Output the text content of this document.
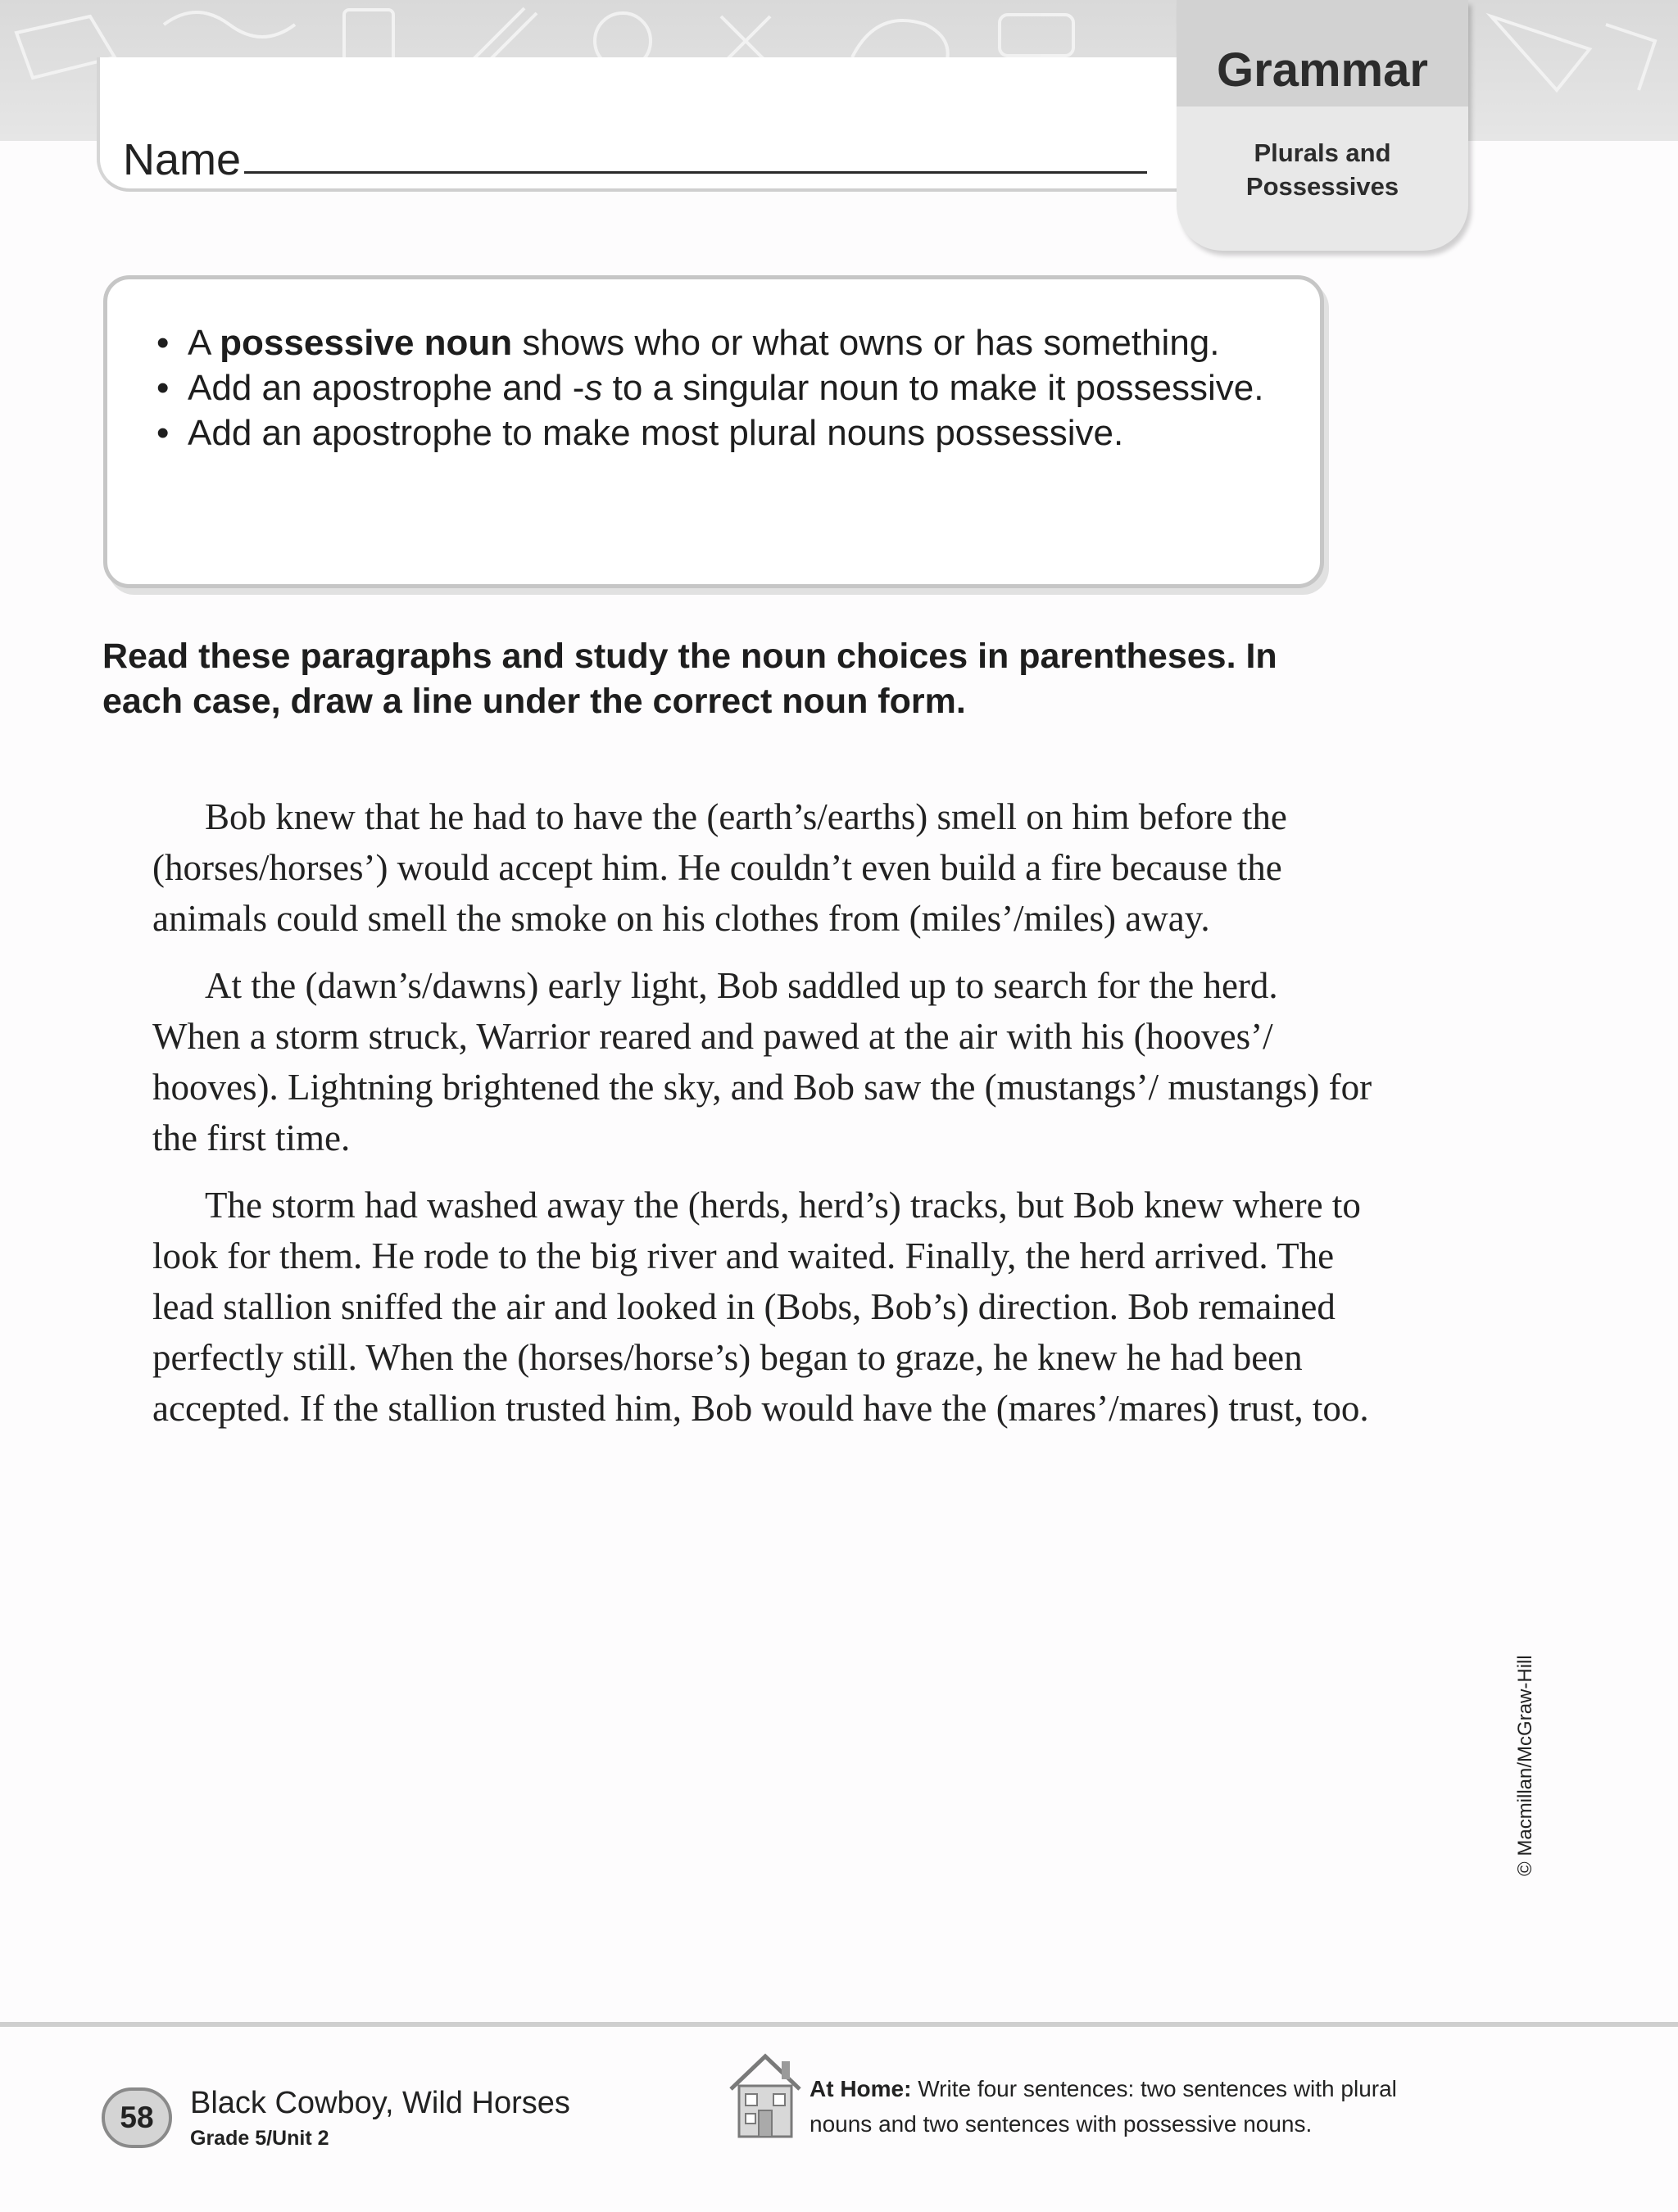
Name
Grammar
Plurals and
Possessives
• A possessive noun shows who or what owns or has something.
• Add an apostrophe and -s to a singular noun to make it possessive.
• Add an apostrophe to make most plural nouns possessive.
Read these paragraphs and study the noun choices in parentheses. In each case, draw a line under the correct noun form.

Bob knew that he had to have the (earth’s/earths) smell on him before the (horses/horses’) would accept him. He couldn’t even build a fire because the animals could smell the smoke on his clothes from (miles’/miles) away.

At the (dawn’s/dawns) early light, Bob saddled up to search for the herd. When a storm struck, Warrior reared and pawed at the air with his (hooves’/ hooves). Lightning brightened the sky, and Bob saw the (mustangs’/ mustangs) for the first time.

The storm had washed away the (herds, herd’s) tracks, but Bob knew where to look for them. He rode to the big river and waited. Finally, the herd arrived. The lead stallion sniffed the air and looked in (Bobs, Bob’s) direction. Bob remained perfectly still. When the (horses/horse’s) began to graze, he knew he had been accepted. If the stallion trusted him, Bob would have the (mares’/mares) trust, too.

© Macmillan/McGraw-Hill
58	Black Cowboy, Wild Horses
Grade 5/Unit 2
At Home: Write four sentences: two sentences with plural nouns and two sentences with possessive nouns.
